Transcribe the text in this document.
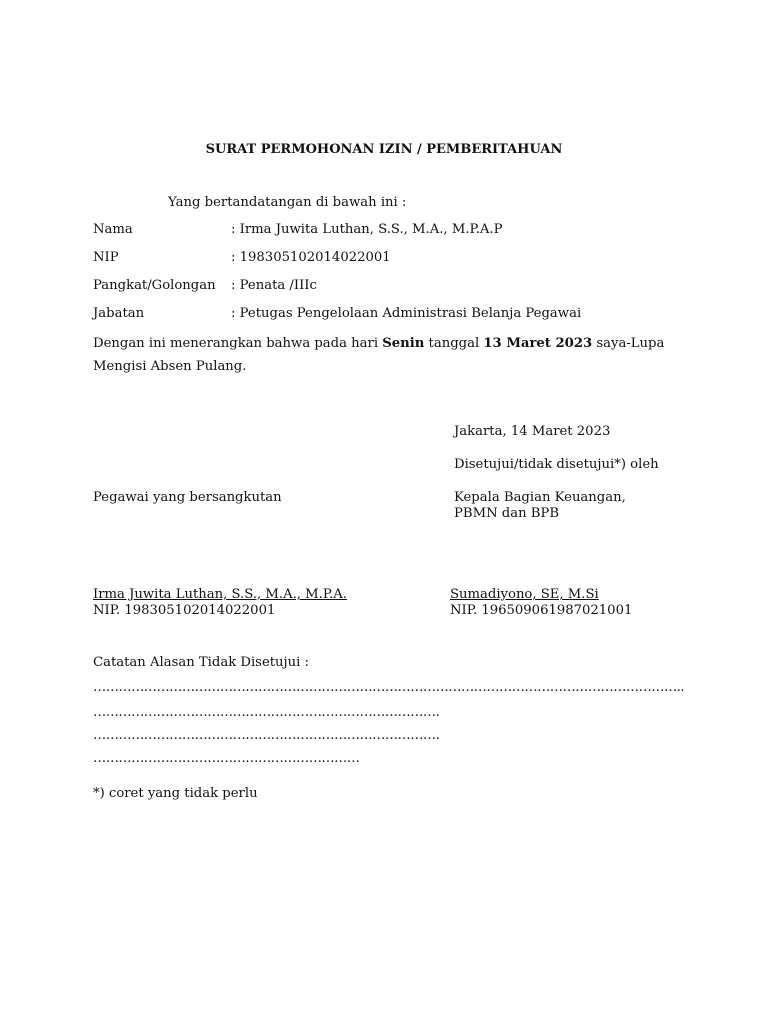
SURAT PERMOHONAN IZIN / PEMBERITAHUAN
Yang bertandatangan di bawah ini :
Nama	: Irma Juwita Luthan, S.S., M.A., M.P.A.P
NIP	: 198305102014022001
Pangkat/Golongan : Penata /IIIc
Jabatan	: Petugas Pengelolaan Administrasi Belanja Pegawai
Dengan ini menerangkan bahwa pada hari Senin tanggal 13 Maret 2023 saya-Lupa Mengisi Absen Pulang.
Jakarta, 14 Maret 2023
Disetujui/tidak disetujui*) oleh
Pegawai yang bersangkutan	Kepala Bagian Keuangan,
PBMN dan BPB
Irma Juwita Luthan, S.S., M.A., M.P.A.
NIP. 198305102014022001
Sumadiyono, SE, M.Si
NIP. 196509061987021001
Catatan Alasan Tidak Disetujui :
…………………………………………………………………………………………………………………………..
……………………………………………………………………….
……………………………………………………………………….
………………………………………………………
*) coret yang tidak perlu
